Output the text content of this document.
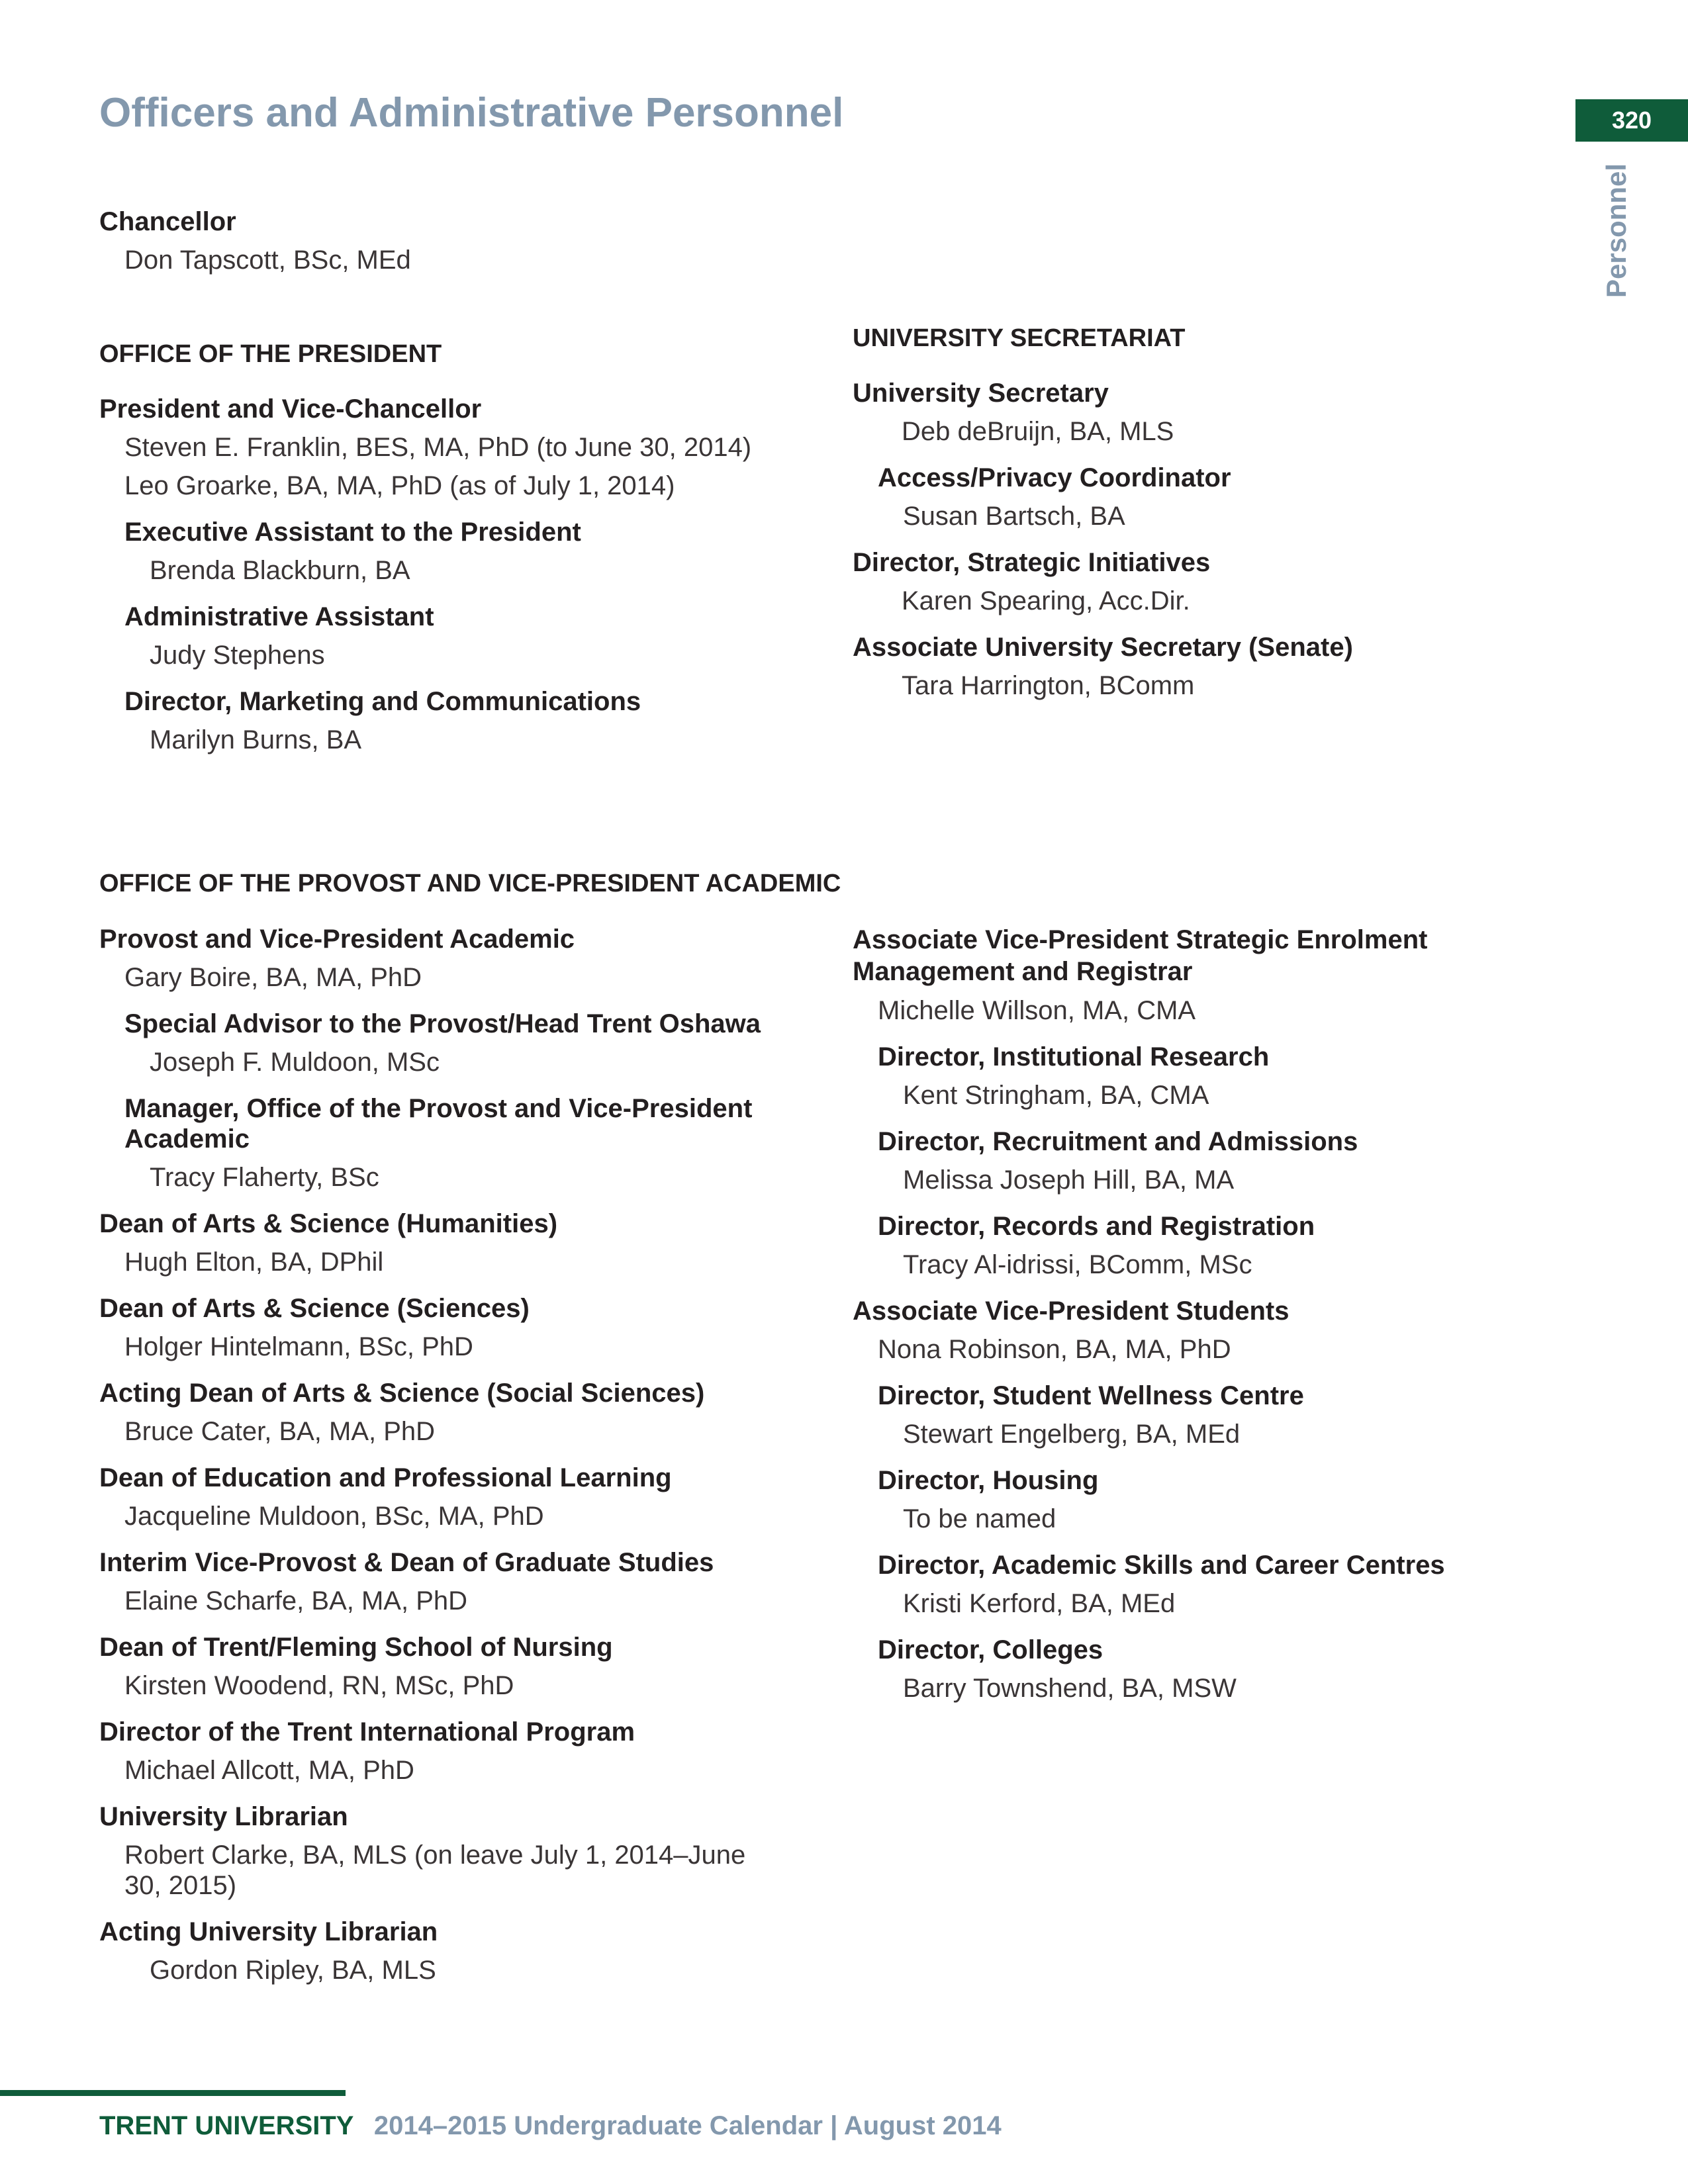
Officers and Administrative Personnel	320
Personnel
Chancellor
Don Tapscott, BSc, MEd
OFFICE OF THE PRESIDENT
President and Vice-Chancellor
Steven E. Franklin, BES, MA, PhD (to June 30, 2014)
Leo Groarke, BA, MA, PhD (as of July 1, 2014)
Executive Assistant to the President
Brenda Blackburn, BA
Administrative Assistant
Judy Stephens
Director, Marketing and Communications
Marilyn Burns, BA
UNIVERSITY SECRETARIAT
University Secretary
Deb deBruijn, BA, MLS
Access/Privacy Coordinator
Susan Bartsch, BA
Director, Strategic Initiatives
Karen Spearing, Acc.Dir.
Associate University Secretary (Senate)
Tara Harrington, BComm
OFFICE OF THE PROVOST AND VICE-PRESIDENT ACADEMIC
Provost and Vice-President Academic
Gary Boire, BA, MA, PhD
Special Advisor to the Provost/Head Trent Oshawa
Joseph F. Muldoon, MSc
Manager, Office of the Provost and Vice-President Academic
Tracy Flaherty, BSc
Dean of Arts & Science (Humanities)
Hugh Elton, BA, DPhil
Dean of Arts & Science (Sciences)
Holger Hintelmann, BSc, PhD
Acting Dean of Arts & Science (Social Sciences)
Bruce Cater, BA, MA, PhD
Dean of Education and Professional Learning
Jacqueline Muldoon, BSc, MA, PhD
Interim Vice-Provost & Dean of Graduate Studies
Elaine Scharfe, BA, MA, PhD
Dean of Trent/Fleming School of Nursing
Kirsten Woodend, RN, MSc, PhD
Director of the Trent International Program
Michael Allcott, MA, PhD
University Librarian
Robert Clarke, BA, MLS (on leave July 1, 2014–June 30, 2015)
Acting University Librarian
Gordon Ripley, BA, MLS
Associate Vice-President Strategic Enrolment Management and Registrar
Michelle Willson, MA, CMA
Director, Institutional Research
Kent Stringham, BA, CMA
Director, Recruitment and Admissions
Melissa Joseph Hill, BA, MA
Director, Records and Registration
Tracy Al-idrissi, BComm, MSc
Associate Vice-President Students
Nona Robinson, BA, MA, PhD
Director, Student Wellness Centre
Stewart Engelberg, BA, MEd
Director, Housing
To be named
Director, Academic Skills and Career Centres
Kristi Kerford, BA, MEd
Director, Colleges
Barry Townshend, BA, MSW
TRENT UNIVERSITY 2014–2015 Undergraduate Calendar | August 2014
